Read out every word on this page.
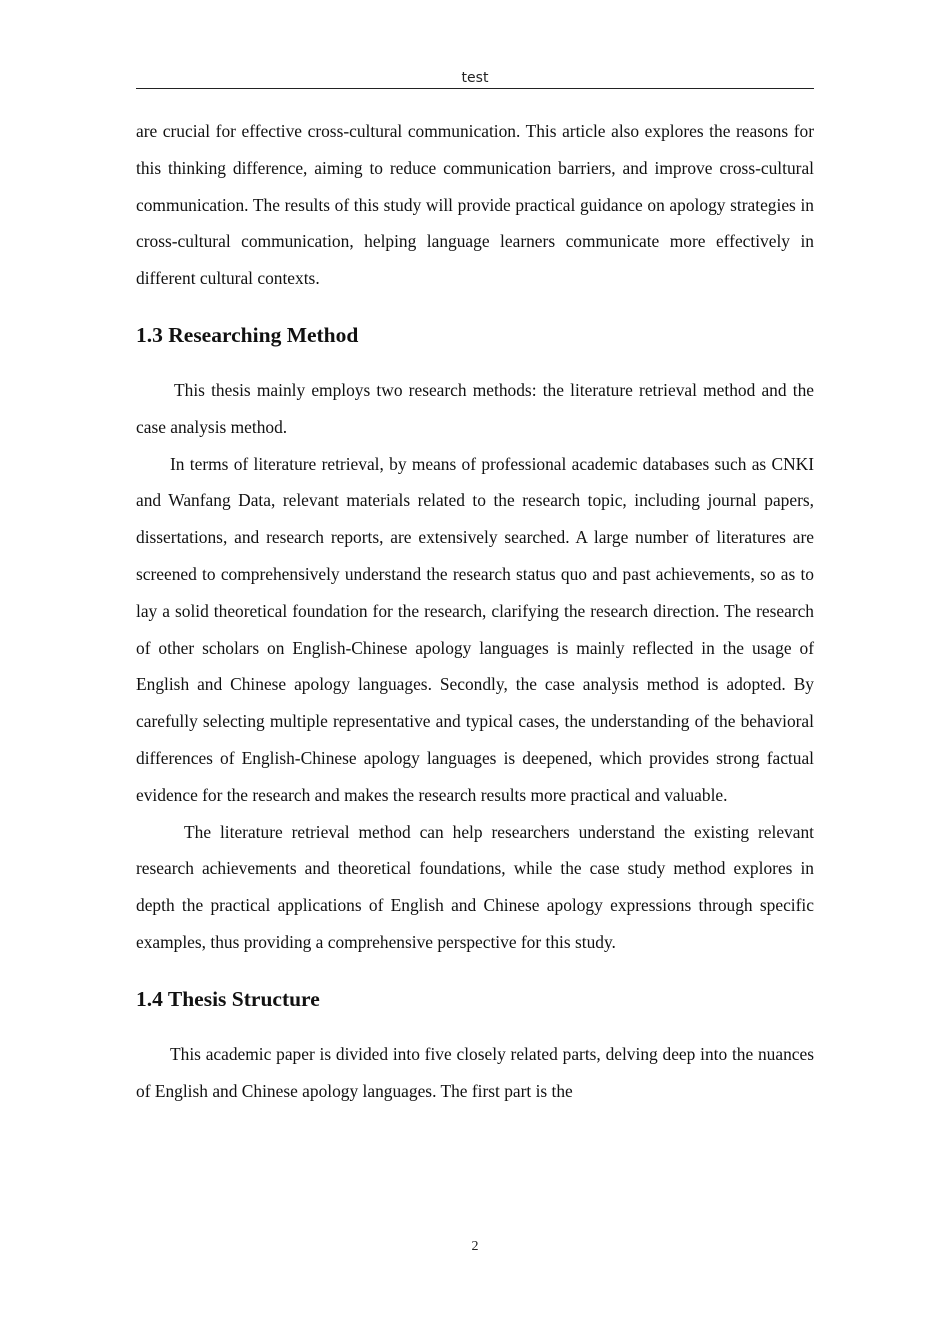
test

are crucial for effective cross-cultural communication. This article also explores the reasons for this thinking difference, aiming to reduce communication barriers, and improve cross-cultural communication. The results of this study will provide practical guidance on apology strategies in cross-cultural communication, helping language learners communicate more effectively in different cultural contexts.

1.3 Researching Method

This thesis mainly employs two research methods: the literature retrieval method and the case analysis method.

In terms of literature retrieval, by means of professional academic databases such as CNKI and Wanfang Data, relevant materials related to the research topic, including journal papers, dissertations, and research reports, are extensively searched. A large number of literatures are screened to comprehensively understand the research status quo and past achievements, so as to lay a solid theoretical foundation for the research, clarifying the research direction. The research of other scholars on English-Chinese apology languages is mainly reflected in the usage of English and Chinese apology languages. Secondly, the case analysis method is adopted. By carefully selecting multiple representative and typical cases, the understanding of the behavioral differences of English-Chinese apology languages is deepened, which provides strong factual evidence for the research and makes the research results more practical and valuable.

The literature retrieval method can help researchers understand the existing relevant research achievements and theoretical foundations, while the case study method explores in depth the practical applications of English and Chinese apology expressions through specific examples, thus providing a comprehensive perspective for this study.

1.4 Thesis Structure

This academic paper is divided into five closely related parts, delving deep into the nuances of English and Chinese apology languages. The first part is the

2
